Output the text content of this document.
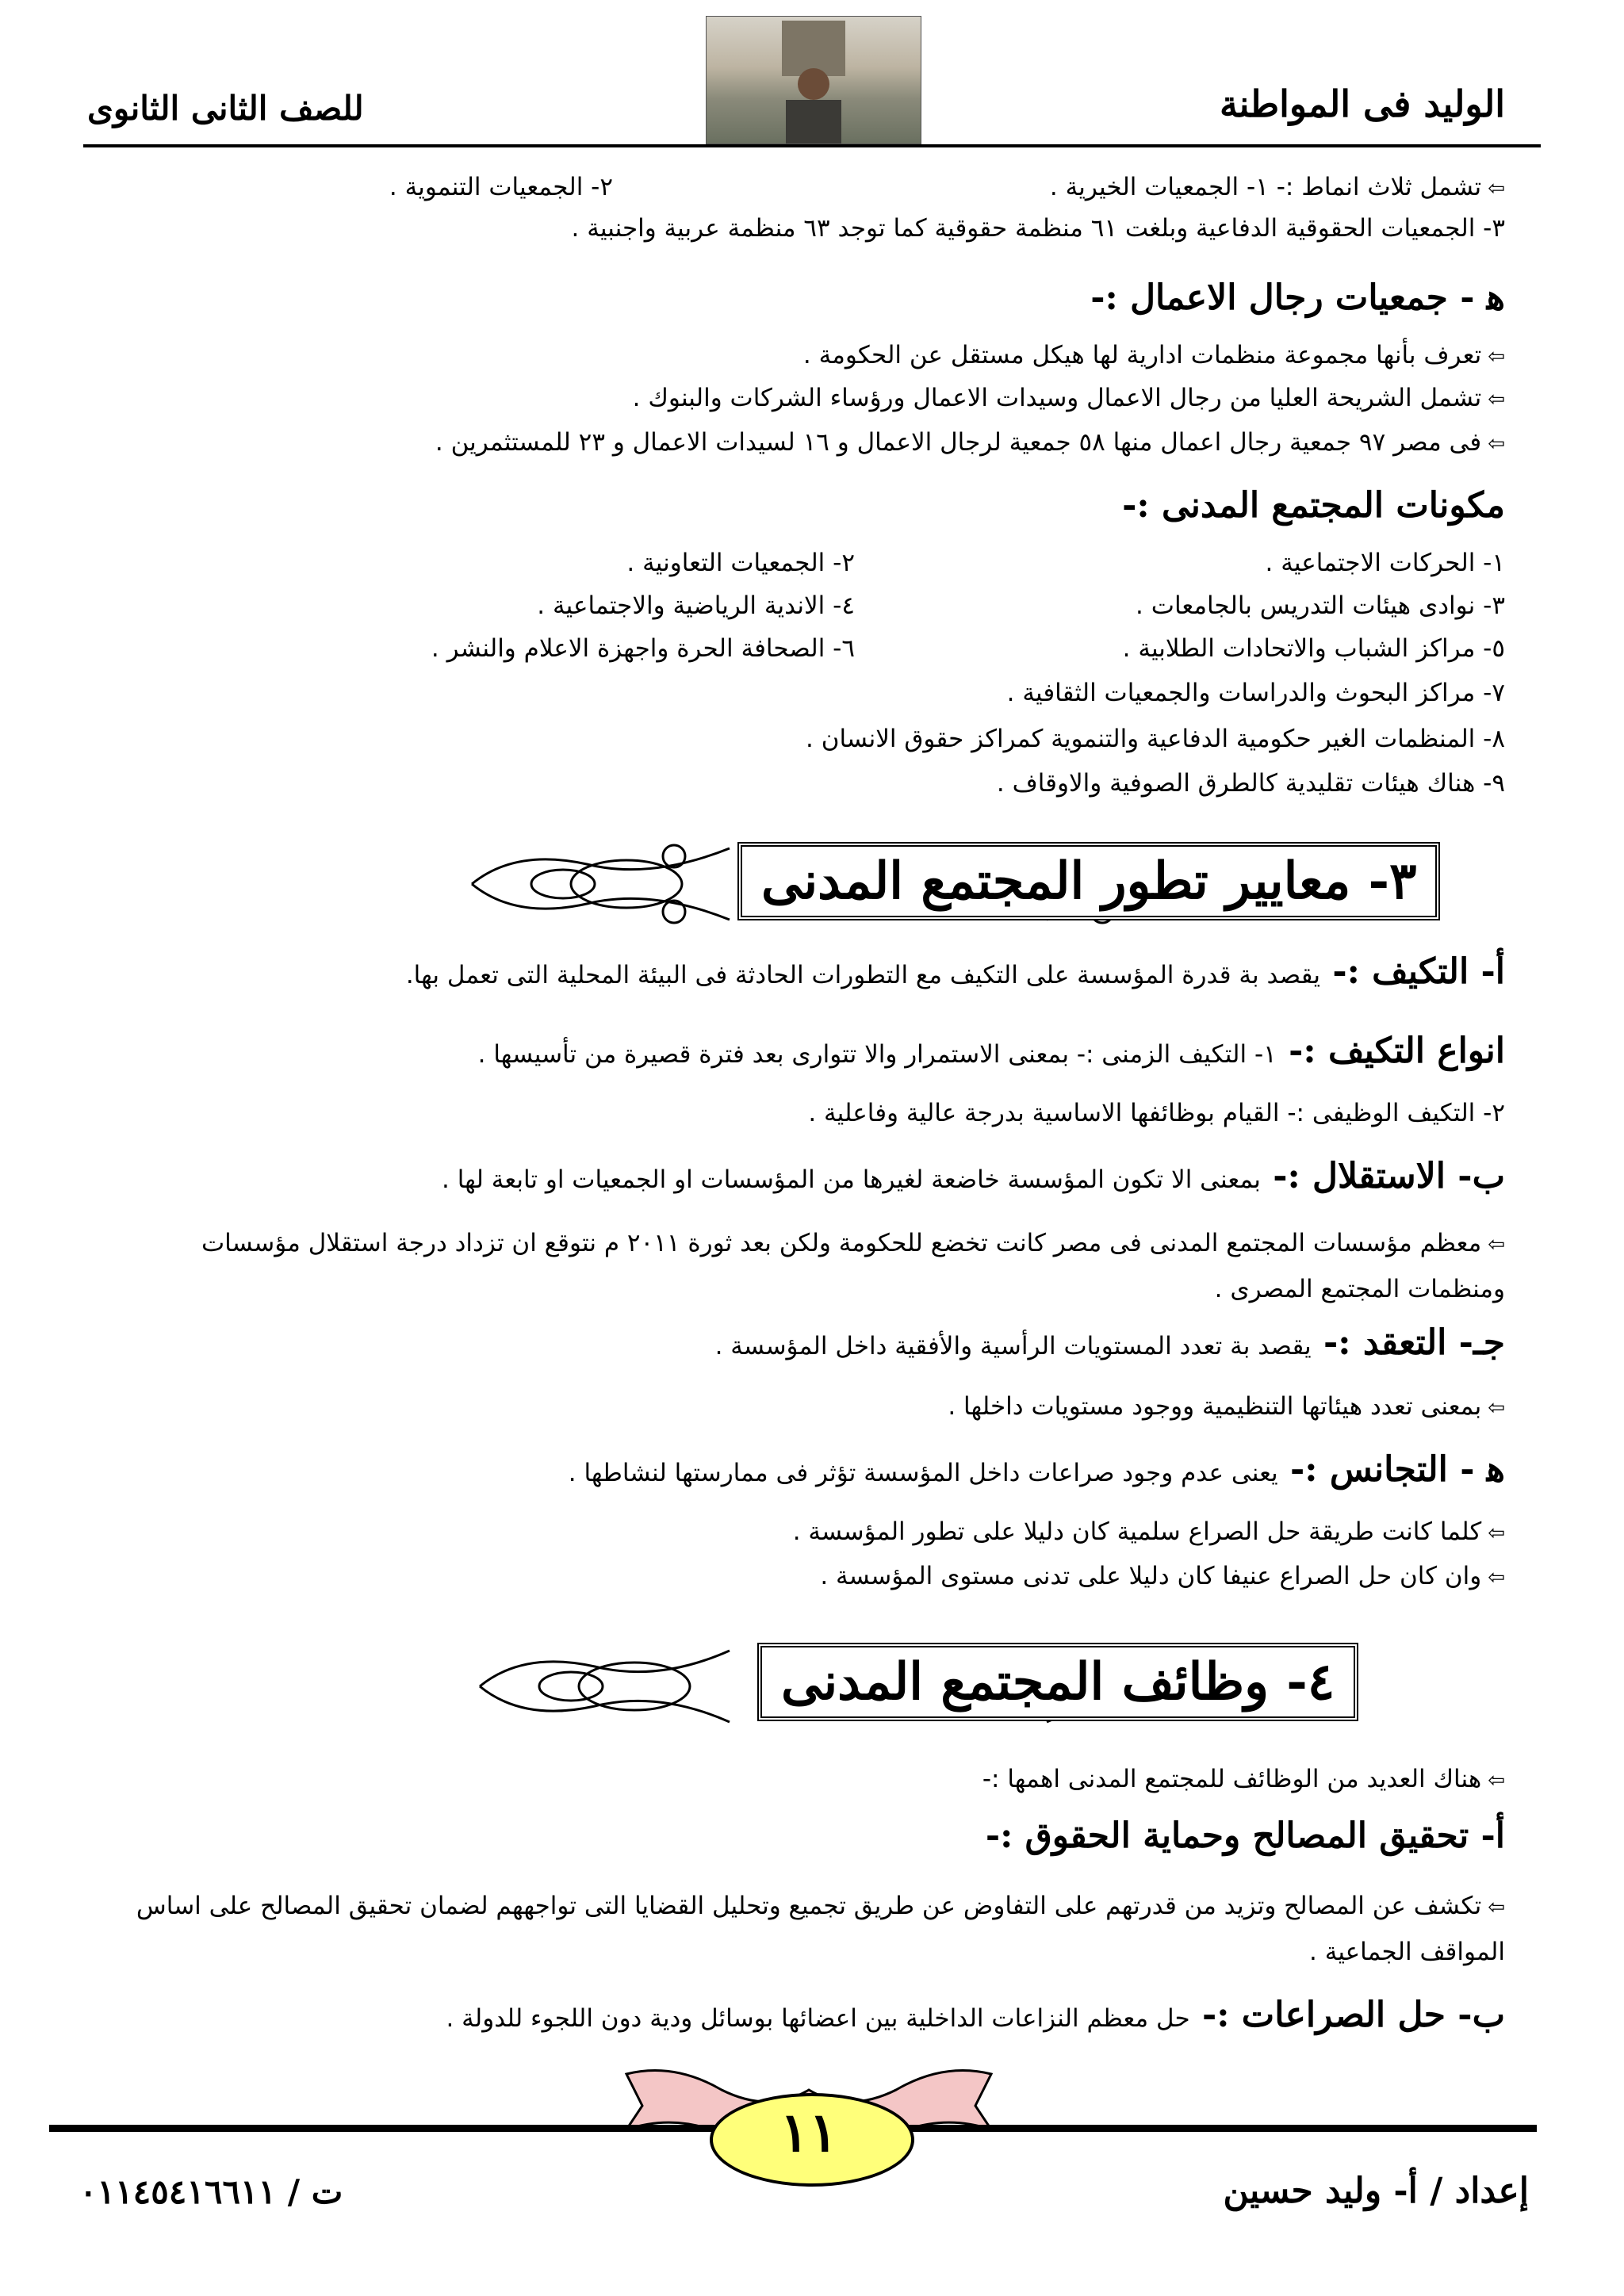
الوليد فى المواطنة
للصف الثانى الثانوى
⇦تشمل ثلاث انماط :- ١- الجمعيات الخيرية .
٢- الجمعيات التنموية .
٣- الجمعيات الحقوقية الدفاعية وبلغت ٦١ منظمة حقوقية كما توجد ٦٣ منظمة عربية واجنبية .
ﻫ - جمعيات رجال الاعمال :-
⇦تعرف بأنها مجموعة منظمات ادارية لها هيكل مستقل عن الحكومة .
⇦تشمل الشريحة العليا من رجال الاعمال وسيدات الاعمال ورؤساء الشركات والبنوك .
⇦فى مصر ٩٧ جمعية رجال اعمال منها ٥٨ جمعية لرجال الاعمال و ١٦ لسيدات الاعمال و ٢٣ للمستثمرين .
مكونات المجتمع المدنى :-
١- الحركات الاجتماعية .
٢- الجمعيات التعاونية .
٣- نوادى هيئات التدريس بالجامعات .
٤- الاندية الرياضية والاجتماعية .
٥- مراكز الشباب والاتحادات الطلابية .
٦- الصحافة الحرة واجهزة الاعلام والنشر .
٧- مراكز البحوث والدراسات والجمعيات الثقافية .
٨- المنظمات الغير حكومية الدفاعية والتنموية كمراكز حقوق الانسان .
٩- هناك هيئات تقليدية كالطرق الصوفية والاوقاف .
٣- معايير تطور المجتمع المدنى
أ- التكيف :- يقصد بة قدرة المؤسسة على التكيف مع التطورات الحادثة فى البيئة المحلية التى تعمل بها.
انواع التكيف :- ١- التكيف الزمنى :- بمعنى الاستمرار والا تتوارى بعد فترة قصيرة من تأسيسها .
٢- التكيف الوظيفى :- القيام بوظائفها الاساسية بدرجة عالية وفاعلية .
ب- الاستقلال :- بمعنى الا تكون المؤسسة خاضعة لغيرها من المؤسسات او الجمعيات او تابعة لها .
⇦معظم مؤسسات المجتمع المدنى فى مصر كانت تخضع للحكومة ولكن بعد ثورة ٢٠١١ م نتوقع ان تزداد درجة استقلال مؤسسات ومنظمات المجتمع المصرى .
جـ- التعقد :- يقصد بة تعدد المستويات الرأسية والأفقية داخل المؤسسة .
⇦بمعنى تعدد هيئاتها التنظيمية ووجود مستويات داخلها .
ﻫ - التجانس :- يعنى عدم وجود صراعات داخل المؤسسة تؤثر فى ممارستها لنشاطها .
⇦كلما كانت طريقة حل الصراع سلمية كان دليلا على تطور المؤسسة .
⇦وان كان حل الصراع عنيفا كان دليلا على تدنى مستوى المؤسسة .
٤- وظائف المجتمع المدنى
⇦هناك العديد من الوظائف للمجتمع المدنى اهمها :-
أ- تحقيق المصالح وحماية الحقوق :-
⇦تكشف عن المصالح وتزيد من قدرتهم على التفاوض عن طريق تجميع وتحليل القضايا التى تواجههم لضمان تحقيق المصالح على اساس المواقف الجماعية .
ب- حل الصراعات :- حل معظم النزاعات الداخلية بين اعضائها بوسائل ودية دون اللجوء للدولة .
١١
إعداد / أ- وليد حسين
ت / ٠١١٤٥٤١٦٦١١
